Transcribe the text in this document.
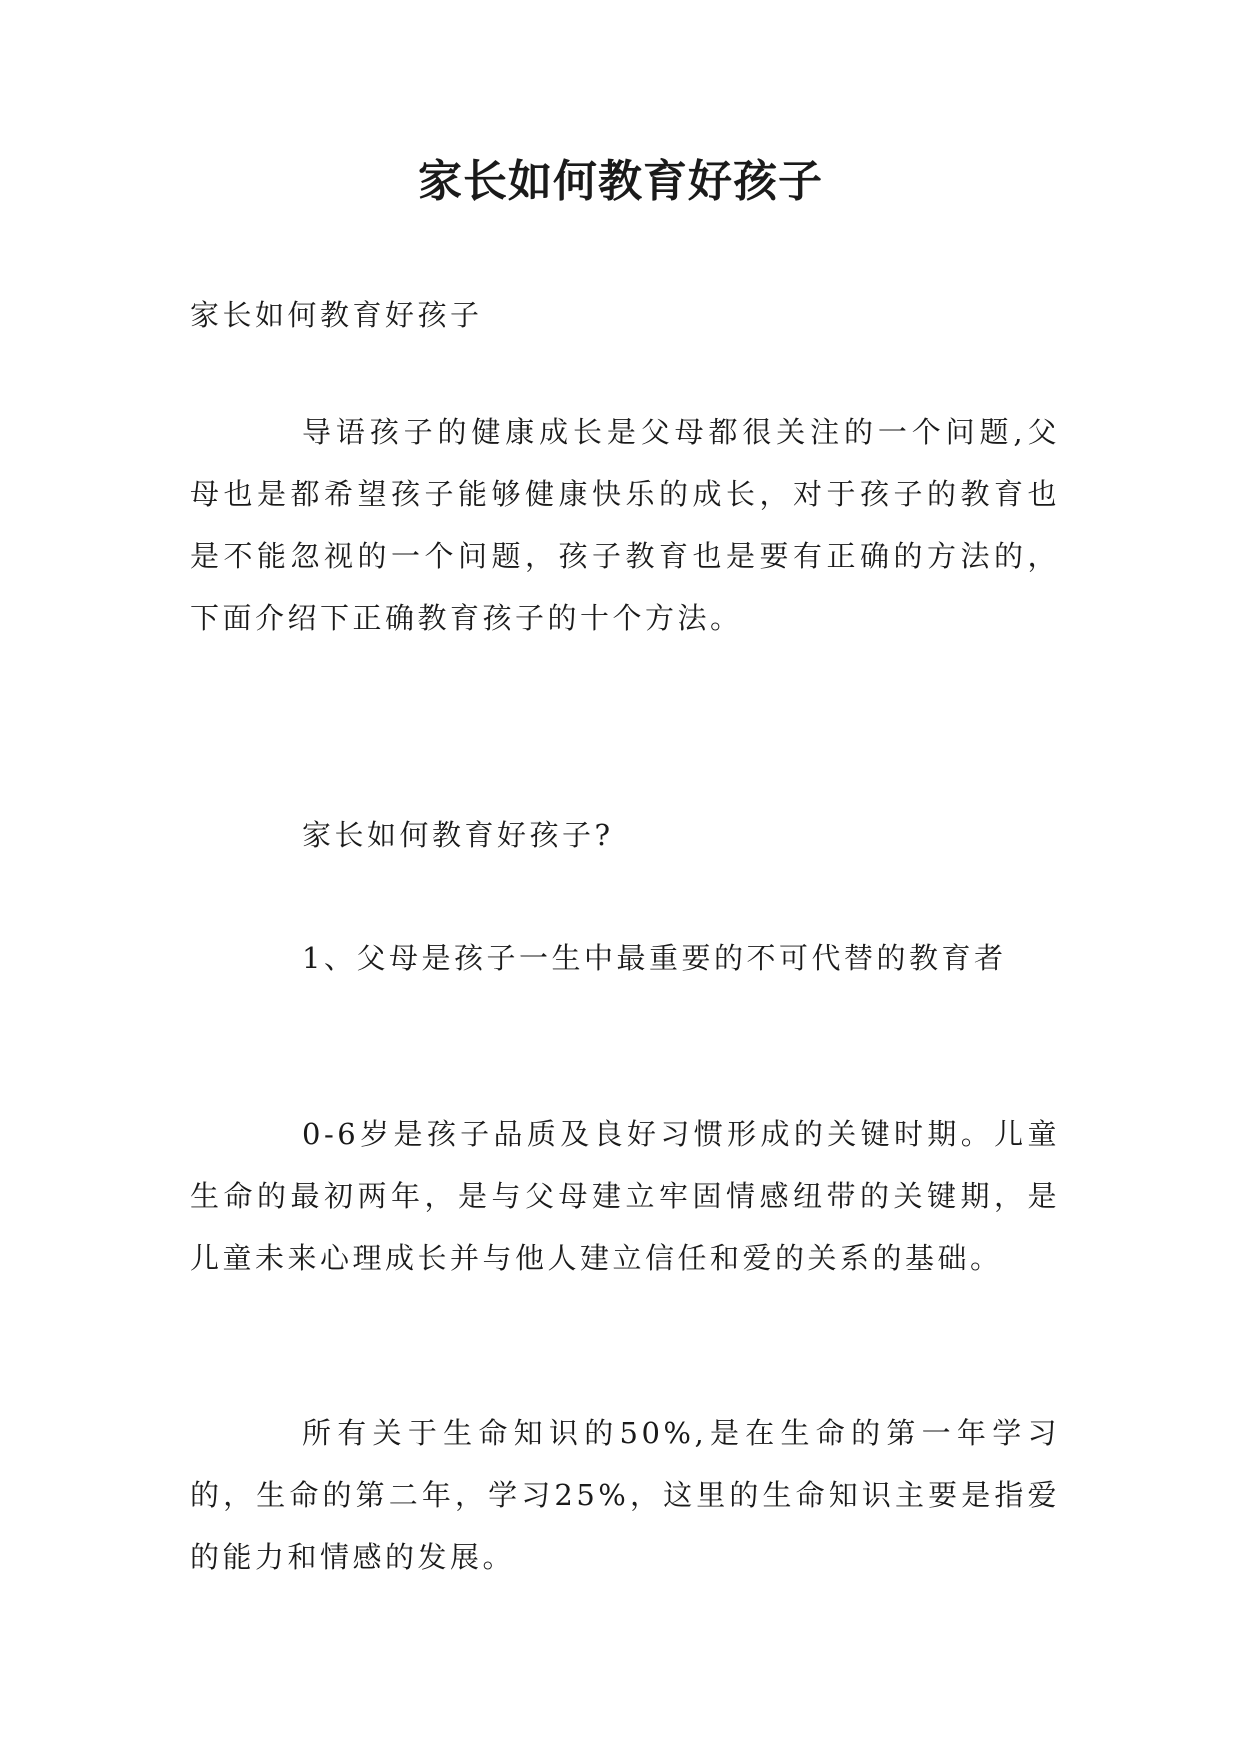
家长如何教育好孩子

家长如何教育好孩子

导语孩子的健康成长是父母都很关注的一个问题,父母也是都希望孩子能够健康快乐的成长，对于孩子的教育也是不能忽视的一个问题，孩子教育也是要有正确的方法的，下面介绍下正确教育孩子的十个方法。

家长如何教育好孩子?

1、父母是孩子一生中最重要的不可代替的教育者

0-6岁是孩子品质及良好习惯形成的关键时期。儿童生命的最初两年，是与父母建立牢固情感纽带的关键期，是儿童未来心理成长并与他人建立信任和爱的关系的基础。

所有关于生命知识的50%,是在生命的第一年学习的，生命的第二年，学习25%，这里的生命知识主要是指爱的能力和情感的发展。
